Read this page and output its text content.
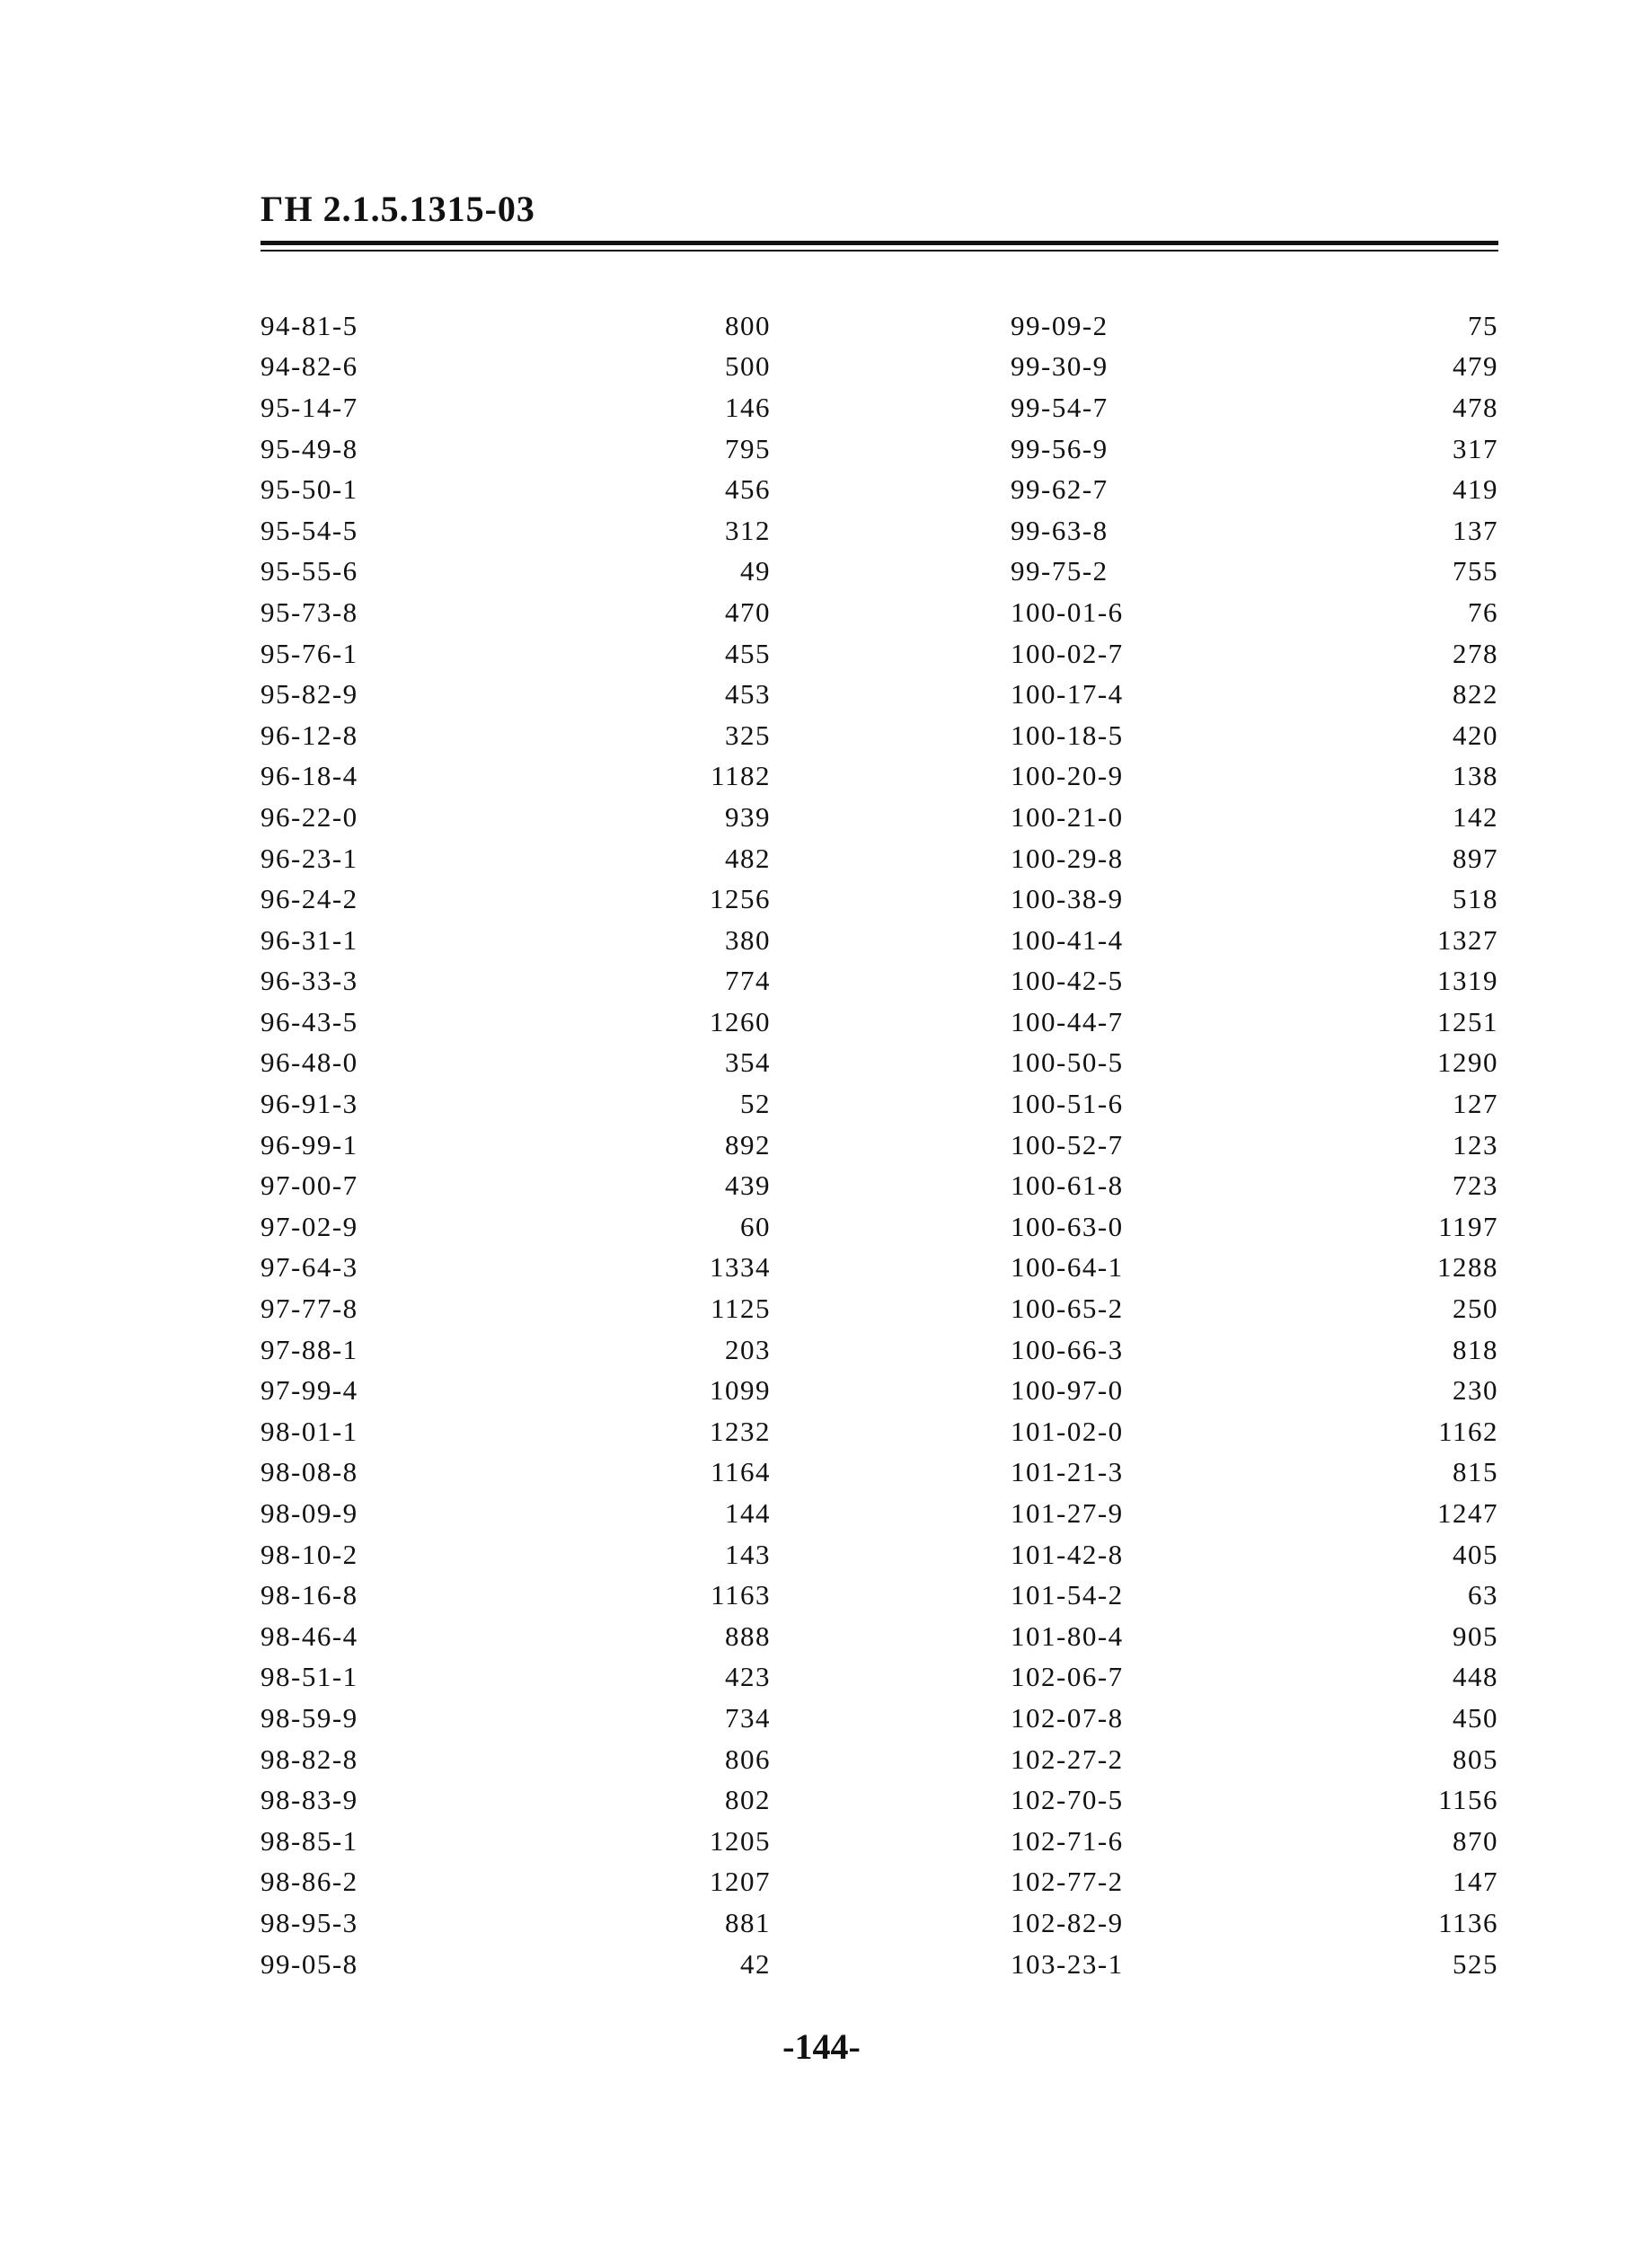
ГН 2.1.5.1315-03
94-81-5	800
94-82-6	500
95-14-7	146
95-49-8	795
95-50-1	456
95-54-5	312
95-55-6	49
95-73-8	470
95-76-1	455
95-82-9	453
96-12-8	325
96-18-4	1182
96-22-0	939
96-23-1	482
96-24-2	1256
96-31-1	380
96-33-3	774
96-43-5	1260
96-48-0	354
96-91-3	52
96-99-1	892
97-00-7	439
97-02-9	60
97-64-3	1334
97-77-8	1125
97-88-1	203
97-99-4	1099
98-01-1	1232
98-08-8	1164
98-09-9	144
98-10-2	143
98-16-8	1163
98-46-4	888
98-51-1	423
98-59-9	734
98-82-8	806
98-83-9	802
98-85-1	1205
98-86-2	1207
98-95-3	881
99-05-8	42
99-09-2	75
99-30-9	479
99-54-7	478
99-56-9	317
99-62-7	419
99-63-8	137
99-75-2	755
100-01-6	76
100-02-7	278
100-17-4	822
100-18-5	420
100-20-9	138
100-21-0	142
100-29-8	897
100-38-9	518
100-41-4	1327
100-42-5	1319
100-44-7	1251
100-50-5	1290
100-51-6	127
100-52-7	123
100-61-8	723
100-63-0	1197
100-64-1	1288
100-65-2	250
100-66-3	818
100-97-0	230
101-02-0	1162
101-21-3	815
101-27-9	1247
101-42-8	405
101-54-2	63
101-80-4	905
102-06-7	448
102-07-8	450
102-27-2	805
102-70-5	1156
102-71-6	870
102-77-2	147
102-82-9	1136
103-23-1	525
-144-
